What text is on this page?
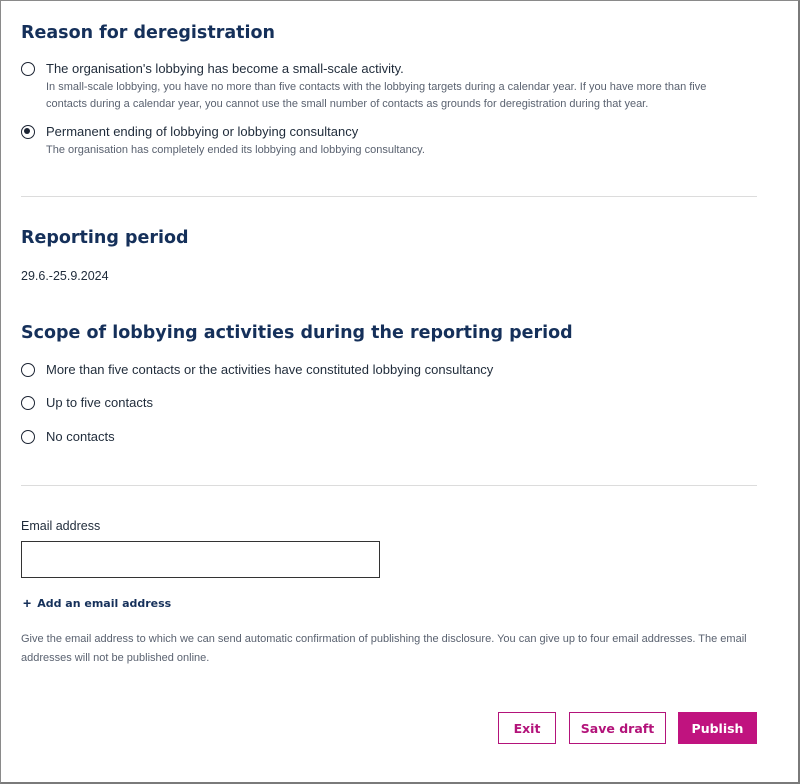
Reason for deregistration
The organisation's lobbying has become a small-scale activity.
In small-scale lobbying, you have no more than five contacts with the lobbying targets during a calendar year. If you have more than five contacts during a calendar year, you cannot use the small number of contacts as grounds for deregistration during that year.
Permanent ending of lobbying or lobbying consultancy
The organisation has completely ended its lobbying and lobbying consultancy.
Reporting period
29.6.-25.9.2024
Scope of lobbying activities during the reporting period
More than five contacts or the activities have constituted lobbying consultancy
Up to five contacts
No contacts
Email address
+ Add an email address
Give the email address to which we can send automatic confirmation of publishing the disclosure. You can give up to four email addresses. The email addresses will not be published online.
Exit	Save draft	Publish
